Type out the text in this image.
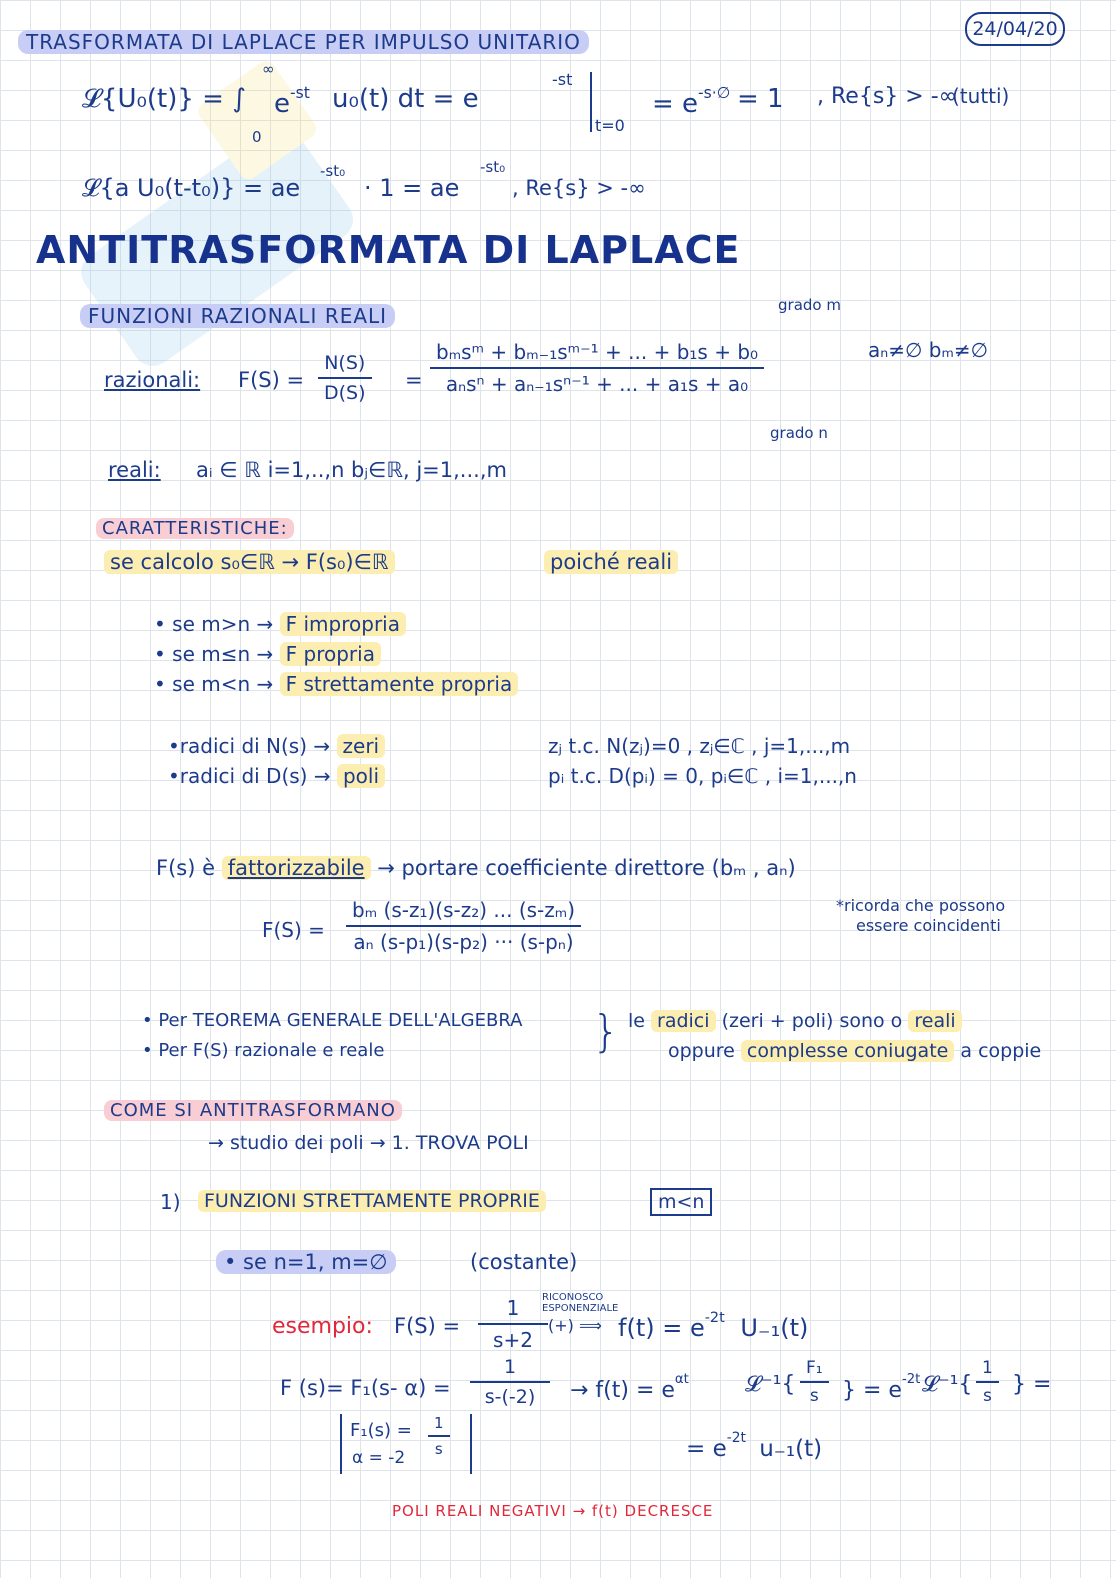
24/04/20
TRASFORMATA DI LAPLACE PER IMPULSO UNITARIO
𝓛{U₀(t)} = ∫
∞
0
$e^{-st}$ u₀(t) dt = e
-st
t=0
= $e^{-s\cdot\emptyset} = 1$ , Re{s} > -∞
(tutti)
𝓛{a U₀(t-t₀)} = ae
-st₀
· 1 = ae
-st₀
, Re{s} > -∞
ANTITRASFORMATA DI LAPLACE
FUNZIONI RAZIONALI REALI	grado m
grado n
razionali: F(S) =
N(S)
D(S)
=
bₘsᵐ + bₘ₋₁sᵐ⁻¹ + ... + b₁s + b₀
aₙsⁿ + aₙ₋₁sⁿ⁻¹ + ... + a₁s + a₀
aₙ≠∅ bₘ≠∅
reali: aᵢ ∈ ℝ i=1,..,n bⱼ∈ℝ, j=1,...,m
CARATTERISTICHE:
se calcolo s₀∈ℝ → F(s₀)∈ℝ	poiché reali
• se m>n → F impropria
• se m≤n → F propria
• se m<n → F strettamente propria
•radici di N(s) → zeri	zⱼ t.c. N(zⱼ)=0 , zⱼ∈ℂ , j=1,...,m
•radici di D(s) → poli	pᵢ t.c. D(pᵢ) = 0, pᵢ∈ℂ , i=1,...,n
F(s) è fattorizzabile → portare coefficiente direttore (bₘ , aₙ)
F(S) =
bₘ (s-z₁)(s-z₂) ... (s-zₘ)
aₙ (s-p₁)(s-p₂) ··· (s-pₙ)
*ricorda che possono
essere coincidenti
• Per TEOREMA GENERALE DELL'ALGEBRA
• Per F(S) razionale e reale	} le radici (zeri + poli) sono o reali
oppure complesse coniugate a coppie
COME SI ANTITRASFORMANO
→ studio dei poli → 1. TROVA POLI
1)	FUNZIONI STRETTAMENTE PROPRIE	m<n
• se n=1, m=∅	(costante)
esempio: F(S) =
1
s+2
RICONOSCO ESPONENZIALE
(+) ⟹ $f(t) = e^{-2t}$ U₋₁(t)
F (s)= F₁(s- α) =
1
$s-(-2) \to f(t) = e^{\alpha t}$	𝓛⁻¹{
F₁
s } = $e^{-2t}$ 𝓛⁻¹{
1
s } =
F₁(s) =	1
s
α = -2	= $e^{-2t}$ u₋₁(t)
POLI REALI NEGATIVI → f(t) DECRESCE
